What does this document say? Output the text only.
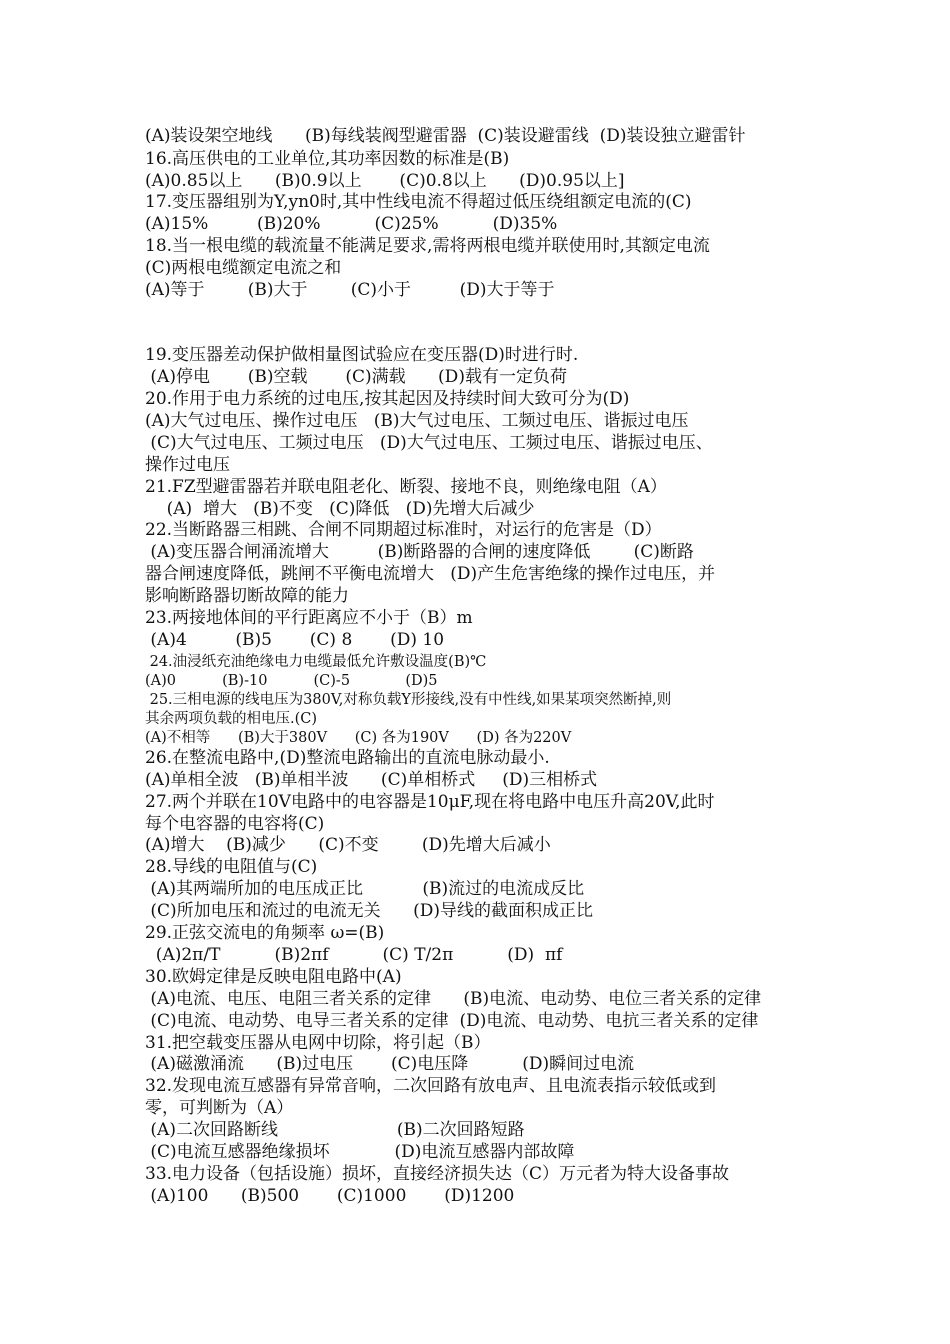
(A)装设架空地线      (B)每线装阀型避雷器  (C)装设避雷线  (D)装设独立避雷针
16.高压供电的工业单位,其功率因数的标准是(B)
(A)0.85以上      (B)0.9以上       (C)0.8以上      (D)0.95以上]
17.变压器组别为Y,yn0时,其中性线电流不得超过低压绕组额定电流的(C)
(A)15%         (B)20%          (C)25%          (D)35%
18.当一根电缆的载流量不能满足要求,需将两根电缆并联使用时,其额定电流
(C)两根电缆额定电流之和
(A)等于        (B)大于        (C)小于         (D)大于等于
19.变压器差动保护做相量图试验应在变压器(D)时进行时.
(A)停电       (B)空载       (C)满载      (D)载有一定负荷
20.作用于电力系统的过电压,按其起因及持续时间大致可分为(D)
(A)大气过电压、操作过电压   (B)大气过电压、工频过电压、谐振过电压
(C)大气过电压、工频过电压   (D)大气过电压、工频过电压、谐振过电压、
操作过电压
21.FZ型避雷器若并联电阻老化、断裂、接地不良，则绝缘电阻（A）
(A)  增大   (B)不变   (C)降低   (D)先增大后减少
22.当断路器三相跳、合闸不同期超过标准时，对运行的危害是（D）
(A)变压器合闸涌流增大         (B)断路器的合闸的速度降低        (C)断路
器合闸速度降低，跳闸不平衡电流增大   (D)产生危害绝缘的操作过电压，并
影响断路器切断故障的能力
23.两接地体间的平行距离应不小于（B）m
(A)4         (B)5       (C) 8       (D) 10
24.油浸纸充油绝缘电力电缆最低允许敷设温度(B)℃
(A)0          (B)-10          (C)-5            (D)5
25.三相电源的线电压为380V,对称负载Y形接线,没有中性线,如果某项突然断掉,则
其余两项负载的相电压.(C)
(A)不相等      (B)大于380V      (C) 各为190V      (D) 各为220V
26.在整流电路中,(D)整流电路输出的直流电脉动最小.
(A)单相全波   (B)单相半波      (C)单相桥式     (D)三相桥式
27.两个并联在10V电路中的电容器是10μF,现在将电路中电压升高20V,此时
每个电容器的电容将(C)
(A)增大    (B)减少      (C)不变        (D)先增大后减小
28.导线的电阻值与(C)
(A)其两端所加的电压成正比           (B)流过的电流成反比
(C)所加电压和流过的电流无关      (D)导线的截面积成正比
29.正弦交流电的角频率 ω=(B)
(A)2π/T          (B)2πf          (C) T/2π          (D)  πf
30.欧姆定律是反映电阻电路中(A)
(A)电流、电压、电阻三者关系的定律      (B)电流、电动势、电位三者关系的定律
(C)电流、电动势、电导三者关系的定律  (D)电流、电动势、电抗三者关系的定律
31.把空载变压器从电网中切除，将引起（B）
(A)磁激涌流      (B)过电压       (C)电压降          (D)瞬间过电流
32.发现电流互感器有异常音响，二次回路有放电声、且电流表指示较低或到
零，可判断为（A）
(A)二次回路断线                      (B)二次回路短路
(C)电流互感器绝缘损坏            (D)电流互感器内部故障
33.电力设备（包括设施）损坏，直接经济损失达（C）万元者为特大设备事故
(A)100      (B)500       (C)1000       (D)1200
